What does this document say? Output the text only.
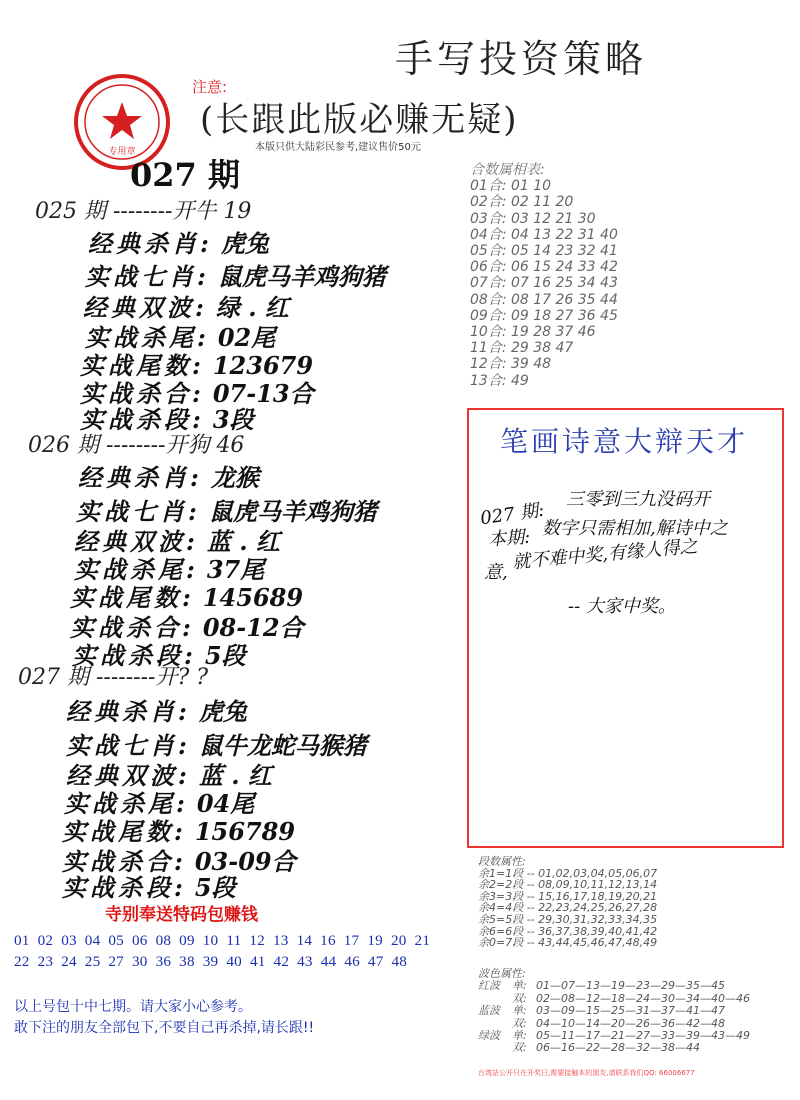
专用章
手写投资策略
注意:
(长跟此版必赚无疑)
本版只供大陆彩民参考,建议售价50元
027 期
025 期 --------开牛 19
经典杀肖: 虎兔
实战七肖: 鼠虎马羊鸡狗猪
经典双波: 绿 . 红
实战杀尾: 02尾
实战尾数: 123679
实战杀合: 07-13合
实战杀段: 3段
026 期 --------开狗 46
经典杀肖: 龙猴
实战七肖: 鼠虎马羊鸡狗猪
经典双波: 蓝 . 红
实战杀尾: 37尾
实战尾数: 145689
实战杀合: 08-12合
实战杀段: 5段
027 期 --------开? ?
经典杀肖: 虎兔
实战七肖: 鼠牛龙蛇马猴猪
经典双波: 蓝 . 红
实战杀尾: 04尾
实战尾数: 156789
实战杀合: 03-09合
实战杀段: 5段
合数属相表:
01合: 01 10
02合: 02 11 20
03合: 03 12 21 30
04合: 04 13 22 31 40
05合: 05 14 23 32 41
06合: 06 15 24 33 42
07合: 07 16 25 34 43
08合: 08 17 26 35 44
09合: 09 18 27 36 45
10合: 19 28 37 46
11合: 29 38 47
12合: 39 48
13合: 49
笔画诗意大辩天才
027 期:
三零到三九没码开
本期: 数字只需相加,解诗中之
就不难中奖,有缘人得之
意,
-- 大家中奖。
寺别奉送特码包赚钱
01 02 03 04 05 06 08 09 10 11 12 13 14 16 17 19 20 21
22 23 24 25 27 30 36 38 39 40 41 42 43 44 46 47 48
以上号包十中七期。请大家小心参考。
敢下注的朋友全部包下,不要自己再杀掉,请长跟!!
段数属性:
余1=1段 -- 01,02,03,04,05,06,07
余2=2段 -- 08,09,10,11,12,13,14
余3=3段 -- 15,16,17,18,19,20,21
余4=4段 -- 22,23,24,25,26,27,28
余5=5段 -- 29,30,31,32,33,34,35
余6=6段 -- 36,37,38,39,40,41,42
余0=7段 -- 43,44,45,46,47,48,49
波色属性:
红波 单: 01—07—13—19—23—29—35—45
双: 02—08—12—18—24—30—34—40—46
蓝波 单: 03—09—15—25—31—37—41—47
双: 04—10—14—20—26—36—42—48
绿波 单: 05—11—17—21—27—33—39—43—49
双: 06—16—22—28—32—38—44
台湾站公开只在开奖日,需要接触本的朋友,请联系我们QQ: 66006677
